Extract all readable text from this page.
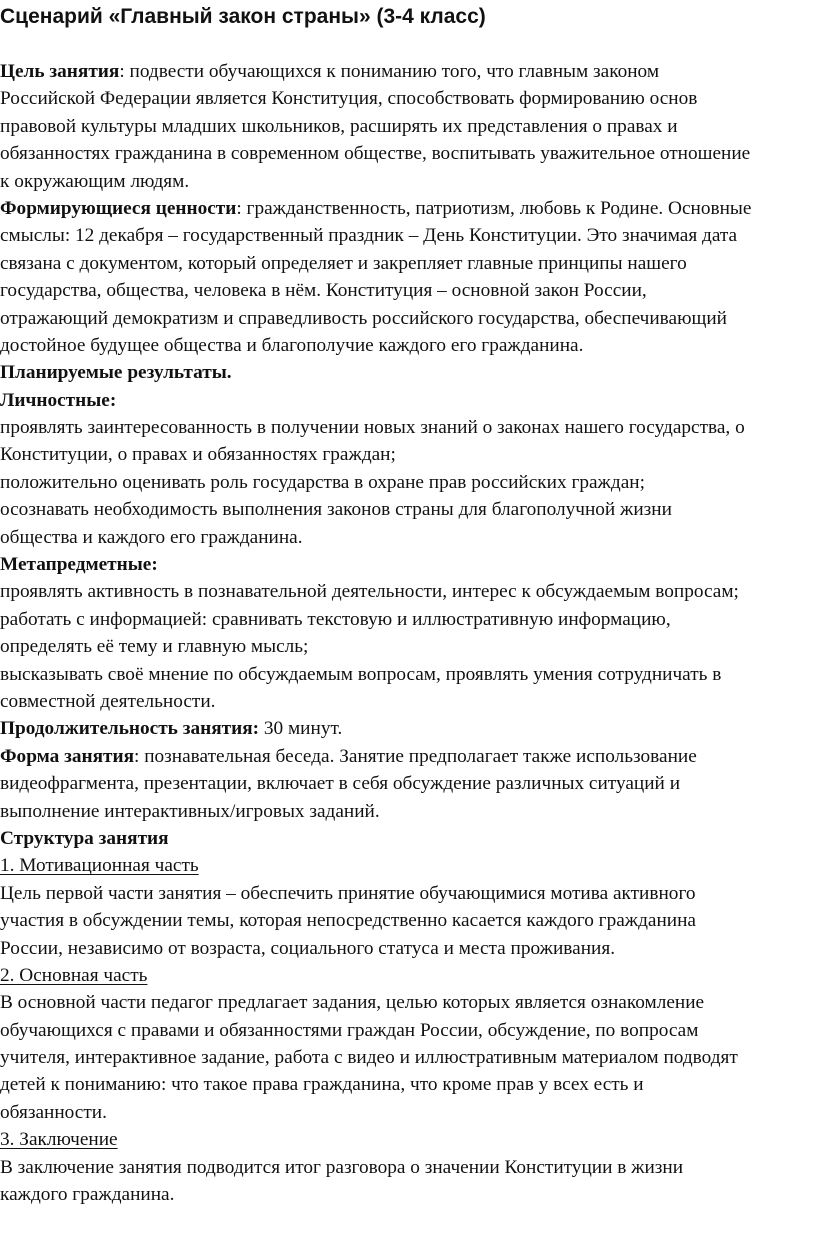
Сценарий «Главный закон страны» (3-4 класс)
Цель занятия: подвести обучающихся к пониманию того, что главным законом
Российской Федерации является Конституция, способствовать формированию основ
правовой культуры младших школьников, расширять их представления о правах и
обязанностях гражданина в современном обществе, воспитывать уважительное отношение
к окружающим людям.
Формирующиеся ценности: гражданственность, патриотизм, любовь к Родине. Основные
смыслы: 12 декабря – государственный праздник – День Конституции. Это значимая дата
связана с документом, который определяет и закрепляет главные принципы нашего
государства, общества, человека в нём. Конституция – основной закон России,
отражающий демократизм и справедливость российского государства, обеспечивающий
достойное будущее общества и благополучие каждого его гражданина.
Планируемые результаты.
Личностные:
проявлять заинтересованность в получении новых знаний о законах нашего государства, о
Конституции, о правах и обязанностях граждан;
положительно оценивать роль государства в охране прав российских граждан;
осознавать необходимость выполнения законов страны для благополучной жизни
общества и каждого его гражданина.
Метапредметные:
проявлять активность в познавательной деятельности, интерес к обсуждаемым вопросам;
работать с информацией: сравнивать текстовую и иллюстративную информацию,
определять её тему и главную мысль;
высказывать своё мнение по обсуждаемым вопросам, проявлять умения сотрудничать в
совместной деятельности.
Продолжительность занятия: 30 минут.
Форма занятия: познавательная беседа. Занятие предполагает также использование
видеофрагмента, презентации, включает в себя обсуждение различных ситуаций и
выполнение интерактивных/игровых заданий.
Структура занятия
1. Мотивационная часть
Цель первой части занятия – обеспечить принятие обучающимися мотива активного
участия в обсуждении темы, которая непосредственно касается каждого гражданина
России, независимо от возраста, социального статуса и места проживания.
2. Основная часть
В основной части педагог предлагает задания, целью которых является ознакомление
обучающихся с правами и обязанностями граждан России, обсуждение, по вопросам
учителя, интерактивное задание, работа с видео и иллюстративным материалом подводят
детей к пониманию: что такое права гражданина, что кроме прав у всех есть и
обязанности.
3. Заключение
В заключение занятия подводится итог разговора о значении Конституции в жизни
каждого гражданина.
